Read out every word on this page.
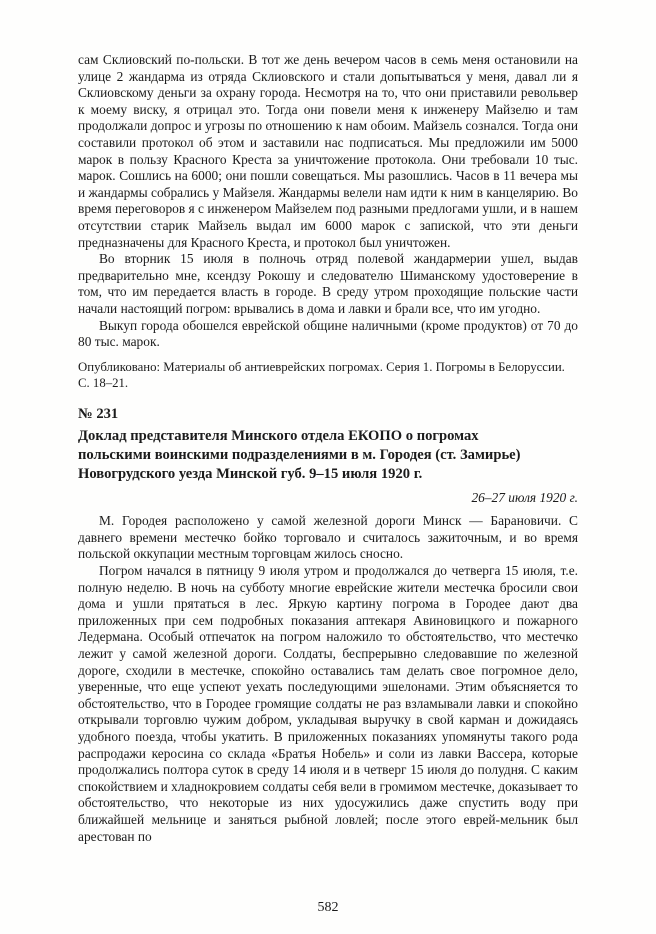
сам Склиовский по-польски. В тот же день вечером часов в семь меня остановили на улице 2 жандарма из отряда Склиовского и стали допытываться у меня, давал ли я Склиовскому деньги за охрану города. Несмотря на то, что они приставили револьвер к моему виску, я отрицал это. Тогда они повели меня к инженеру Майзелю и там продолжали допрос и угрозы по отношению к нам обоим. Майзель сознался. Тогда они составили протокол об этом и заставили нас подписаться. Мы предложили им 5000 марок в пользу Красного Креста за уничтожение протокола. Они требовали 10 тыс. марок. Сошлись на 6000; они пошли совещаться. Мы разошлись. Часов в 11 вечера мы и жандармы собрались у Майзеля. Жандармы велели нам идти к ним в канцелярию. Во время переговоров я с инженером Майзелем под разными предлогами ушли, и в нашем отсутствии старик Майзель выдал им 6000 марок с запиской, что эти деньги предназначены для Красного Креста, и протокол был уничтожен.

Во вторник 15 июля в полночь отряд полевой жандармерии ушел, выдав предварительно мне, ксендзу Рокошу и следователю Шиманскому удостоверение в том, что им передается власть в городе. В среду утром проходящие польские части начали настоящий погром: врывались в дома и лавки и брали все, что им угодно.

Выкуп города обошелся еврейской общине наличными (кроме продуктов) от 70 до 80 тыс. марок.

Опубликовано: Материалы об антиеврейских погромах. Серия 1. Погромы в Белоруссии. С. 18–21.

№ 231

Доклад представителя Минского отдела ЕКОПО о погромах

польскими воинскими подразделениями в м. Городея (ст. Замирье)

Новогрудского уезда Минской губ. 9–15 июля 1920 г.

26–27 июля 1920 г.

М. Городея расположено у самой железной дороги Минск — Барановичи. С давнего времени местечко бойко торговало и считалось зажиточным, и во время польской оккупации местным торговцам жилось сносно.

Погром начался в пятницу 9 июля утром и продолжался до четверга 15 июля, т.е. полную неделю. В ночь на субботу многие еврейские жители местечка бросили свои дома и ушли прятаться в лес. Яркую картину погрома в Городее дают два приложенных при сем подробных показания аптекаря Авиновицкого и пожарного Ледермана. Особый отпечаток на погром наложило то обстоятельство, что местечко лежит у самой железной дороги. Солдаты, беспрерывно следовавшие по железной дороге, сходили в местечке, спокойно оставались там делать свое погромное дело, уверенные, что еще успеют уехать последующими эшелонами. Этим объясняется то обстоятельство, что в Городее громящие солдаты не раз взламывали лавки и спокойно открывали торговлю чужим добром, укладывая выручку в свой карман и дожидаясь удобного поезда, чтобы укатить. В приложенных показаниях упомянуты такого рода распродажи керосина со склада «Братья Нобель» и соли из лавки Вассера, которые продолжались полтора суток в среду 14 июля и в четверг 15 июля до полудня. С каким спокойствием и хладнокровием солдаты себя вели в громимом местечке, доказывает то обстоятельство, что некоторые из них удосужились даже спустить воду при ближайшей мельнице и заняться рыбной ловлей; после этого еврей-мельник был арестован по

582
